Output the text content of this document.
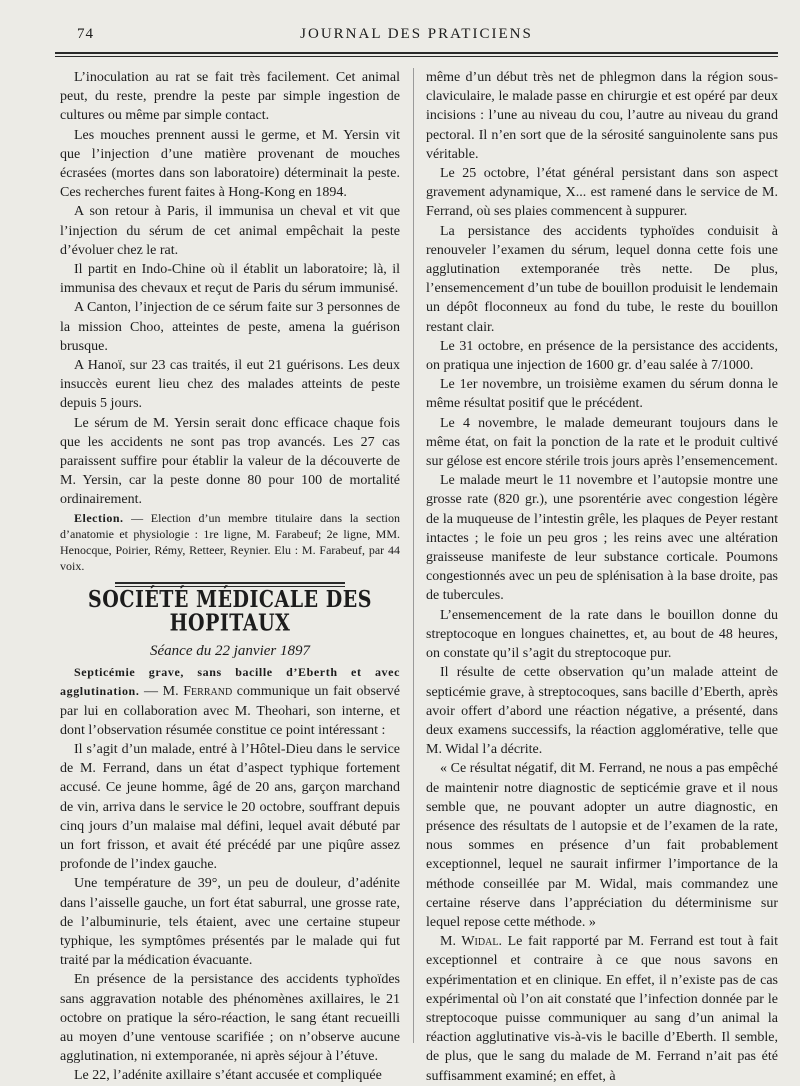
74	JOURNAL DES PRATICIENS

L’inoculation au rat se fait très facilement. Cet animal peut, du reste, prendre la peste par simple ingestion de cultures ou même par simple contact.

Les mouches prennent aussi le germe, et M. Yersin vit que l’injection d’une matière provenant de mouches écrasées (mortes dans son laboratoire) déterminait la peste. Ces recherches furent faites à Hong-Kong en 1894.

A son retour à Paris, il immunisa un cheval et vit que l’injection du sérum de cet animal empêchait la peste d’évoluer chez le rat.

Il partit en Indo-Chine où il établit un laboratoire; là, il immunisa des chevaux et reçut de Paris du sérum immunisé.

A Canton, l’injection de ce sérum faite sur 3 personnes de la mission Choo, atteintes de peste, amena la guérison brusque.

A Hanoï, sur 23 cas traités, il eut 21 guérisons. Les deux insuccès eurent lieu chez des malades atteints de peste depuis 5 jours.

Le sérum de M. Yersin serait donc efficace chaque fois que les accidents ne sont pas trop avancés. Les 27 cas paraissent suffire pour établir la valeur de la découverte de M. Yersin, car la peste donne 80 pour 100 de mortalité ordinairement.

Election. — Election d’un membre titulaire dans la section d’anatomie et physiologie : 1re ligne, M. Farabeuf; 2e ligne, MM. Henocque, Poirier, Rémy, Retteer, Reynier. Elu : M. Farabeuf, par 44 voix.

SOCIÉTÉ MÉDICALE DES HOPITAUX
Séance du 22 janvier 1897

Septicémie grave, sans bacille d’Eberth et avec agglutination. — M. Ferrand communique un fait observé par lui en collaboration avec M. Theohari, son interne, et dont l’observation résumée constitue ce point intéressant :

Il s’agit d’un malade, entré à l’Hôtel-Dieu dans le service de M. Ferrand, dans un état d’aspect typhique fortement accusé. Ce jeune homme, âgé de 20 ans, garçon marchand de vin, arriva dans le service le 20 octobre, souffrant depuis cinq jours d’un malaise mal défini, lequel avait débuté par un fort frisson, et avait été précédé par une piqûre assez profonde de l’index gauche.

Une température de 39°, un peu de douleur, d’adénite dans l’aisselle gauche, un fort état saburral, une grosse rate, de l’albuminurie, tels étaient, avec une certaine stupeur typhique, les symptômes présentés par le malade qui fut traité par la médication évacuante.

En présence de la persistance des accidents typhoïdes sans aggravation notable des phénomènes axillaires, le 21 octobre on pratique la séro-réaction, le sang étant recueilli au moyen d’une ventouse scarifiée ; on n’observe aucune agglutination, ni extemporanée, ni après séjour à l’étuve.

Le 22, l’adénite axillaire s’étant accusée et compliquée

même d’un début très net de phlegmon dans la région sous-claviculaire, le malade passe en chirurgie et est opéré par deux incisions : l’une au niveau du cou, l’autre au niveau du grand pectoral. Il n’en sort que de la sérosité sanguinolente sans pus véritable.

Le 25 octobre, l’état général persistant dans son aspect gravement adynamique, X... est ramené dans le service de M. Ferrand, où ses plaies commencent à suppurer.

La persistance des accidents typhoïdes conduisit à renouveler l’examen du sérum, lequel donna cette fois une agglutination extemporanée très nette. De plus, l’ensemencement d’un tube de bouillon produisit le lendemain un dépôt floconneux au fond du tube, le reste du bouillon restant clair.

Le 31 octobre, en présence de la persistance des accidents, on pratiqua une injection de 1600 gr. d’eau salée à 7/1000.

Le 1er novembre, un troisième examen du sérum donna le même résultat positif que le précédent.

Le 4 novembre, le malade demeurant toujours dans le même état, on fait la ponction de la rate et le produit cultivé sur gélose est encore stérile trois jours après l’ensemencement.

Le malade meurt le 11 novembre et l’autopsie montre une grosse rate (820 gr.), une psorentérie avec congestion légère de la muqueuse de l’intestin grêle, les plaques de Peyer restant intactes ; le foie un peu gros ; les reins avec une altération graisseuse manifeste de leur substance corticale. Poumons congestionnés avec un peu de splénisation à la base droite, pas de tubercules.

L’ensemencement de la rate dans le bouillon donne du streptocoque en longues chainettes, et, au bout de 48 heures, on constate qu’il s’agit du streptocoque pur.

Il résulte de cette observation qu’un malade atteint de septicémie grave, à streptocoques, sans bacille d’Eberth, après avoir offert d’abord une réaction négative, a présenté, dans deux examens successifs, la réaction agglomérative, telle que M. Widal l’a décrite.

« Ce résultat négatif, dit M. Ferrand, ne nous a pas empêché de maintenir notre diagnostic de septicémie grave et il nous semble que, ne pouvant adopter un autre diagnostic, en présence des résultats de l autopsie et de l’examen de la rate, nous sommes en présence d’un fait probablement exceptionnel, lequel ne saurait infirmer l’importance de la méthode conseillée par M. Widal, mais commandez une certaine réserve dans l’appréciation du déterminisme sur lequel repose cette méthode. »

M. Widal. Le fait rapporté par M. Ferrand est tout à fait exceptionnel et contraire à ce que nous savons en expérimentation et en clinique. En effet, il n’existe pas de cas expérimental où l’on ait constaté que l’infection donnée par le streptocoque puisse communiquer au sang d’un animal la réaction agglutinative vis-à-vis le bacille d’Eberth. Il semble, de plus, que le sang du malade de M. Ferrand n’ait pas été suffisamment examiné; en effet, à
